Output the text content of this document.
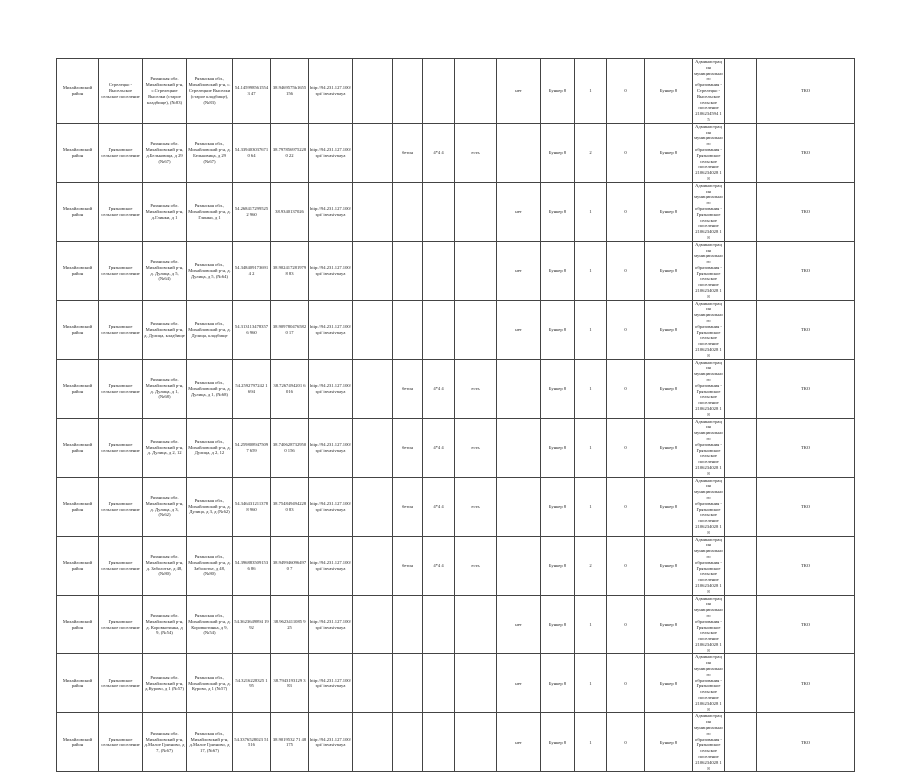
Михайловский район	Стрелецко - Высельское сельское поселение	Рязанская обл. Михайловский р-н, с.Стрелецкие Выселки (старое кладбище), (№83)	Рязанская обл., Михайловский р-н, с. Стрелецкие Выселки (старое кладбище), (№83)	54.1459985615543 47	38.9469575b1655 156	http://94.231.127.100/ spt/ invasivnaya					нет	Бункер 8	1	0	Бункер 8	Администрация муниципального образования - Стрелецко - Высельское сельское поселение 2106234594 1 5		ТКО
Михайловский район	Грязновское сельское поселение	Рязанская обл. Михайловский р-н, д.Бельковица, д 29 (№67)	Рязанская обл., Михайловский р-н, д. Бельковица, д 29 (№67)	54.3394030376710 64	38.7978569752280 22	http://94.231.127.100/ spt/ invasivnaya		бетон	4*4 4	есть		Бункер 8	2	0	Бункер 8	Администрация муниципального образования - Грязновское сельское поселение 2106234028 1 8		ТКО
Михайловский район	Грязновское сельское поселение	Рязанская обл. Михайловский р-н, д.Глинки, д 1	Рязанская обл., Михайловский р-н, д. Глинки, д 1	54.2684172995252 960	38.9340137026	http://94.231.127.100/ spt/ invasivnaya					нет	Бункер 8	1	0	Бункер 8	Администрация муниципального образования - Грязновское сельское поселение 2106234028 1 8		ТКО
Михайловский район	Грязновское сельское поселение	Рязанская обл. Михайловский р-н, д. Дулица, д 5, (№64)	Рязанская обл., Михайловский р-н, д. Дулица, д 5, (№64)	54.3484091736914 2	38.9024172819798 83	http://94.231.127.100/ spt/ invasivnaya					нет	Бункер 8	1	0	Бункер 8	Администрация муниципального образования - Грязновское сельское поселение 2106234028 1 8		ТКО
Михайловский район	Грязновское сельское поселение	Рязанская обл. Михайловский р-н, д. Дулица, кладбище	Рязанская обл., Михайловский р-н, д. Дулица, кладбище	54.3131134783576 960	38.9097804765820 17	http://94.231.127.100/ spt/ invasivnaya					нет	Бункер 8	1	0	Бункер 8	Администрация муниципального образования - Грязновское сельское поселение 2106234028 1 8		ТКО
Михайловский район	Грязновское сельское поселение	Рязанская обл. Михайловский р-н, д. Дулица, д 1, (№68)	Рязанская обл., Михайловский р-н, д. Дулица, д 1, (№68)	54.2592797242 1 694	38.7267494201 6 016	http://94.231.127.100/ spt/ invasivnaya		бетон	4*4 4	есть		Бункер 8	1	0	Бункер 8	Администрация муниципального образования - Грязновское сельское поселение 2106234028 1 8		ТКО
Михайловский район	Грязновское сельское поселение	Рязанская обл. Михайловский р-н, д. Дулица, д 2, 12	Рязанская обл., Михайловский р-н, д. Дулица, д 2, 12	54.2598089475097 659	38.7406287329500 156	http://94.231.127.100/ spt/ invasivnaya		бетон	4*4 4	есть		Бункер 8	1	0	Бункер 8	Администрация муниципального образования - Грязновское сельское поселение 2106234028 1 8		ТКО
Михайловский район	Грязновское сельское поселение	Рязанская обл. Михайловский р-н, д. Дулица, д 3, (№62)	Рязанская обл., Михайловский р-н, д. Дулица, д 3, д (№62)	54.3464312113788 960	38.7548494942280 83	http://94.231.127.100/ spt/ invasivnaya		бетон	4*4 4	есть		Бункер 8	1	0	Бункер 8	Администрация муниципального образования - Грязновское сельское поселение 2106234028 1 8		ТКО
Михайловский район	Грязновское сельское поселение	Рязанская обл. Михайловский р-н, д. Заболотье, д 48, (№80)	Рязанская обл., Михайловский р-н, д. Заболотье, д 48, (№80)	54.3968835091536 86	38.9499460964970 7	http://94.231.127.100/ spt/ invasivnaya		бетон	4*4 4	есть		Бункер 8	2	0	Бункер 8	Администрация муниципального образования - Грязновское сельское поселение 2106234028 1 8		ТКО
Михайловский район	Грязновское сельское поселение	Рязанская обл. Михайловский р-н, д. Коровкотинка, д 9, (№54)	Рязанская обл., Михайловский р-н, д. Коровкотинка, д 9, (№54)	54.3623649894 19 92	38.9623411085 9 25	http://94.231.127.100/ spt/ invasivnaya					нет	Бункер 8	1	0	Бункер 8	Администрация муниципального образования - Грязновское сельское поселение 2106234028 1 8		ТКО
Михайловский район	Грязновское сельское поселение	Рязанская обл. Михайловский р-н, д.Курово, д 1 (№57)	Рязанская обл., Михайловский р-н, д. Курово, д 1 (№57)	54.3216228325 1 95	38.7943193129 3 83	http://94.231.127.100/ spt/ invasivnaya					нет	Бункер 8	1	0	Бункер 8	Администрация муниципального образования - Грязновское сельское поселение 2106234028 1 8		ТКО
Михайловский район	Грязновское сельское поселение	Рязанская обл. Михайловский р-н, д.Малое Грязново, д 7, (№67)	Рязанская обл., Михайловский р-н, д.Малое Грязново, д 17, (№67)	54.3376528023 51 516	38.9019532 71 48 175	http://94.231.127.100/ spt/ invasivnaya					нет	Бункер 8	1	0	Бункер 8	Администрация муниципального образования - Грязновское сельское поселение 2106234028 1 8		ТКО
